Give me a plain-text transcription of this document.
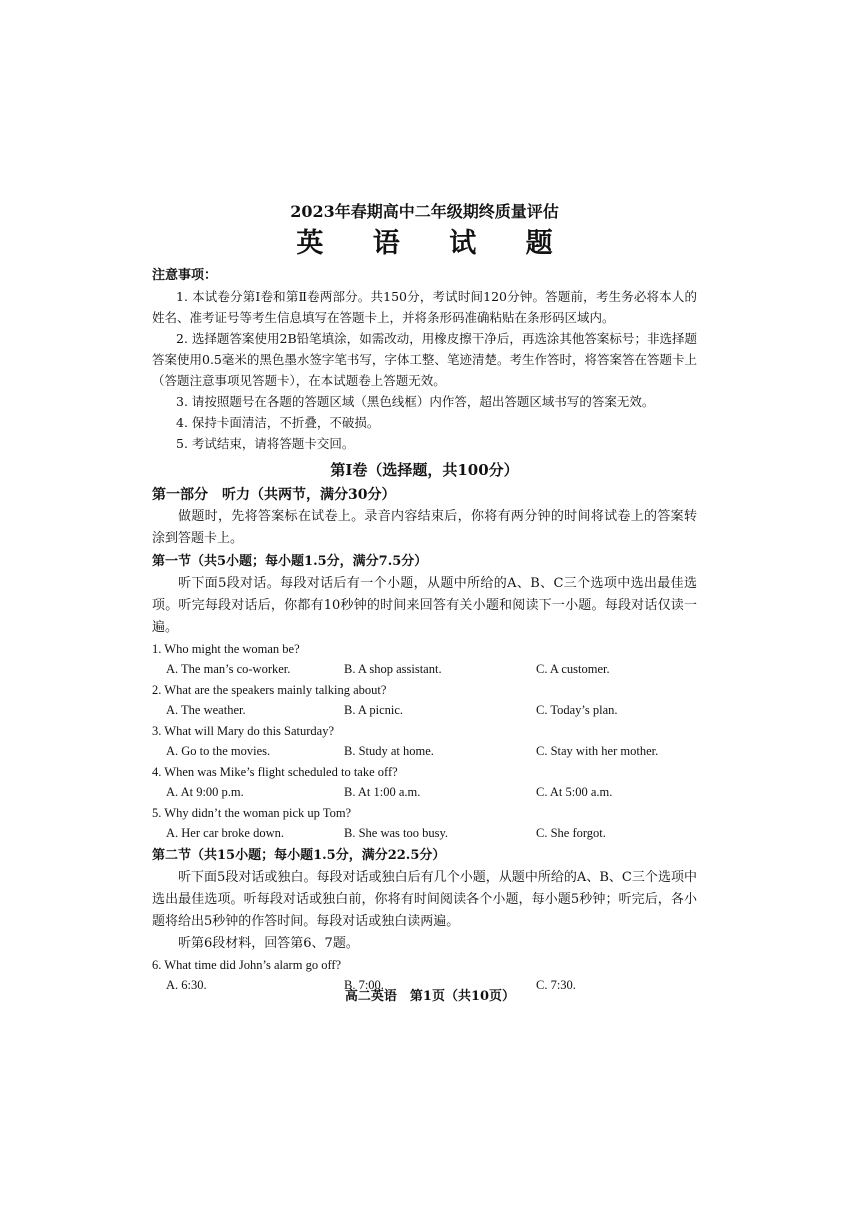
2023年春期高中二年级期终质量评估

英 语 试 题

注意事项：

1. 本试卷分第Ⅰ卷和第Ⅱ卷两部分。共150分，考试时间120分钟。答题前，考生务必将本人的姓名、准考证号等考生信息填写在答题卡上，并将条形码准确粘贴在条形码区域内。

2. 选择题答案使用2B铅笔填涂，如需改动，用橡皮擦干净后，再选涂其他答案标号；非选择题答案使用0.5毫米的黑色墨水签字笔书写，字体工整、笔迹清楚。考生作答时，将答案答在答题卡上（答题注意事项见答题卡），在本试题卷上答题无效。

3. 请按照题号在各题的答题区域（黑色线框）内作答，超出答题区域书写的答案无效。

4. 保持卡面清洁，不折叠，不破损。

5. 考试结束，请将答题卡交回。

第Ⅰ卷（选择题，共100分）

第一部分　听力（共两节，满分30分）

做题时，先将答案标在试卷上。录音内容结束后，你将有两分钟的时间将试卷上的答案转涂到答题卡上。

第一节（共5小题；每小题1.5分，满分7.5分）

听下面5段对话。每段对话后有一个小题，从题中所给的A、B、C三个选项中选出最佳选项。听完每段对话后，你都有10秒钟的时间来回答有关小题和阅读下一小题。每段对话仅读一遍。

1. Who might the woman be?

A. The man’s co-worker.	B. A shop assistant.	C. A customer.

2. What are the speakers mainly talking about?

A. The weather.	B. A picnic.	C. Today’s plan.

3. What will Mary do this Saturday?

A. Go to the movies.	B. Study at home.	C. Stay with her mother.

4. When was Mike’s flight scheduled to take off?

A. At 9:00 p.m.	B. At 1:00 a.m.	C. At 5:00 a.m.

5. Why didn’t the woman pick up Tom?

A. Her car broke down.	B. She was too busy.	C. She forgot.

第二节（共15小题；每小题1.5分，满分22.5分）

听下面5段对话或独白。每段对话或独白后有几个小题，从题中所给的A、B、C三个选项中选出最佳选项。听每段对话或独白前，你将有时间阅读各个小题，每小题5秒钟；听完后，各小题将给出5秒钟的作答时间。每段对话或独白读两遍。

听第6段材料，回答第6、7题。

6. What time did John’s alarm go off?

A. 6:30.	B. 7:00.	C. 7:30.
高二英语　第1页（共10页）
